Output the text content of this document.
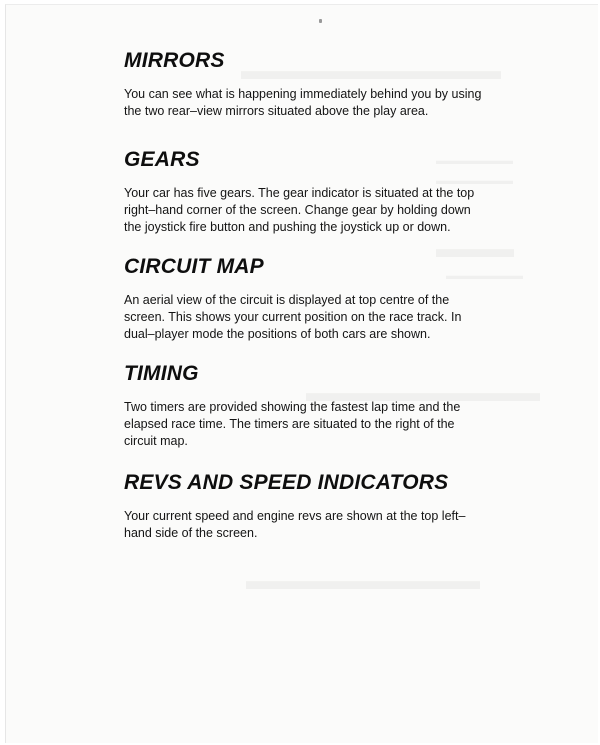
MIRRORS

You can see what is happening immediately behind you by using
the two rear–view mirrors situated above the play area.

GEARS

Your car has five gears. The gear indicator is situated at the top
right–hand corner of the screen. Change gear by holding down
the joystick fire button and pushing the joystick up or down.

CIRCUIT MAP

An aerial view of the circuit is displayed at top centre of the
screen. This shows your current position on the race track. In
dual–player mode the positions of both cars are shown.

TIMING

Two timers are provided showing the fastest lap time and the
elapsed race time. The timers are situated to the right of the
circuit map.

REVS AND SPEED INDICATORS

Your current speed and engine revs are shown at the top left–
hand side of the screen.
